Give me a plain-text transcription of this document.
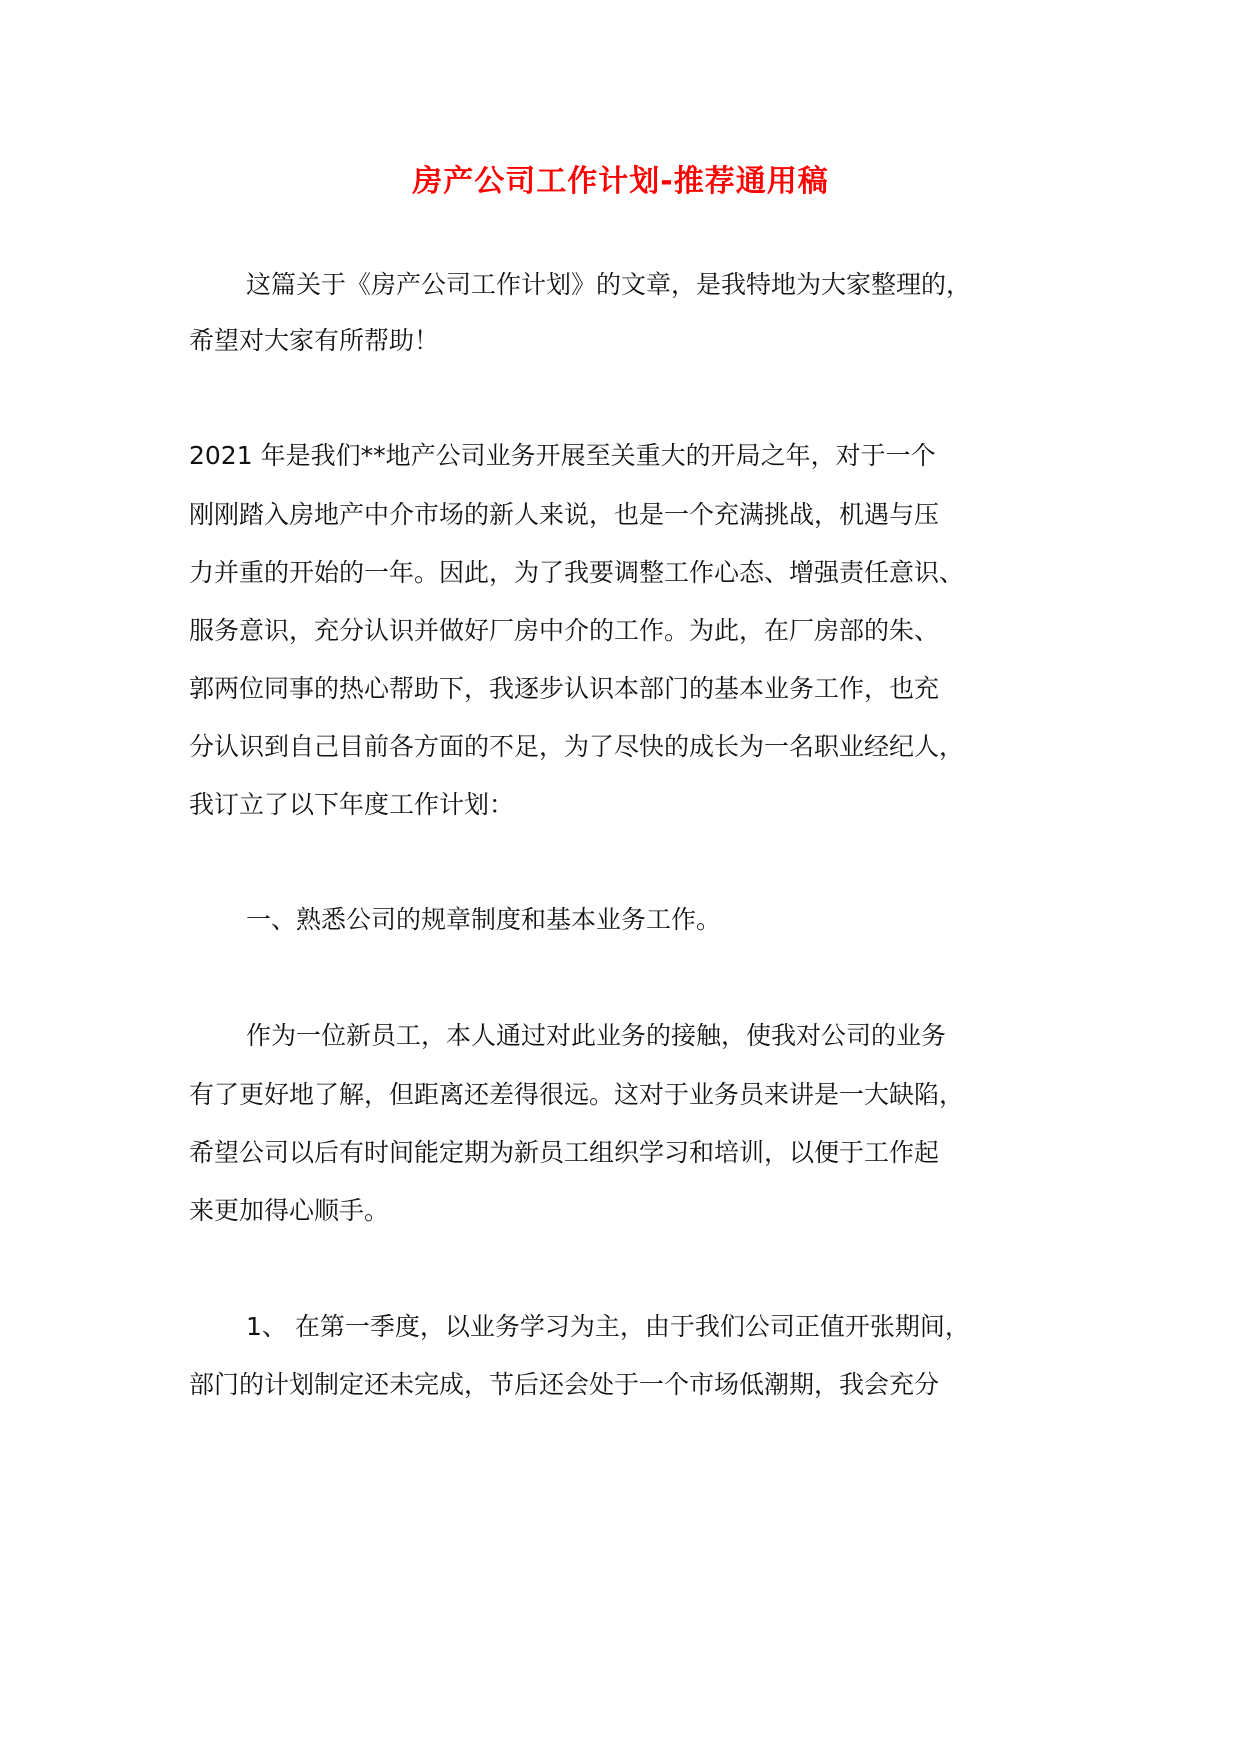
房产公司工作计划-推荐通用稿
这篇关于《房产公司工作计划》的文章，是我特地为大家整理的，
希望对大家有所帮助！
2021 年是我们**地产公司业务开展至关重大的开局之年，对于一个
刚刚踏入房地产中介市场的新人来说，也是一个充满挑战，机遇与压
力并重的开始的一年。因此，为了我要调整工作心态、增强责任意识、
服务意识，充分认识并做好厂房中介的工作。为此，在厂房部的朱、
郭两位同事的热心帮助下，我逐步认识本部门的基本业务工作，也充
分认识到自己目前各方面的不足，为了尽快的成长为一名职业经纪人，
我订立了以下年度工作计划：
一、熟悉公司的规章制度和基本业务工作。
作为一位新员工，本人通过对此业务的接触，使我对公司的业务
有了更好地了解，但距离还差得很远。这对于业务员来讲是一大缺陷，
希望公司以后有时间能定期为新员工组织学习和培训，以便于工作起
来更加得心顺手。
1、 在第一季度，以业务学习为主，由于我们公司正值开张期间，
部门的计划制定还未完成，节后还会处于一个市场低潮期，我会充分
